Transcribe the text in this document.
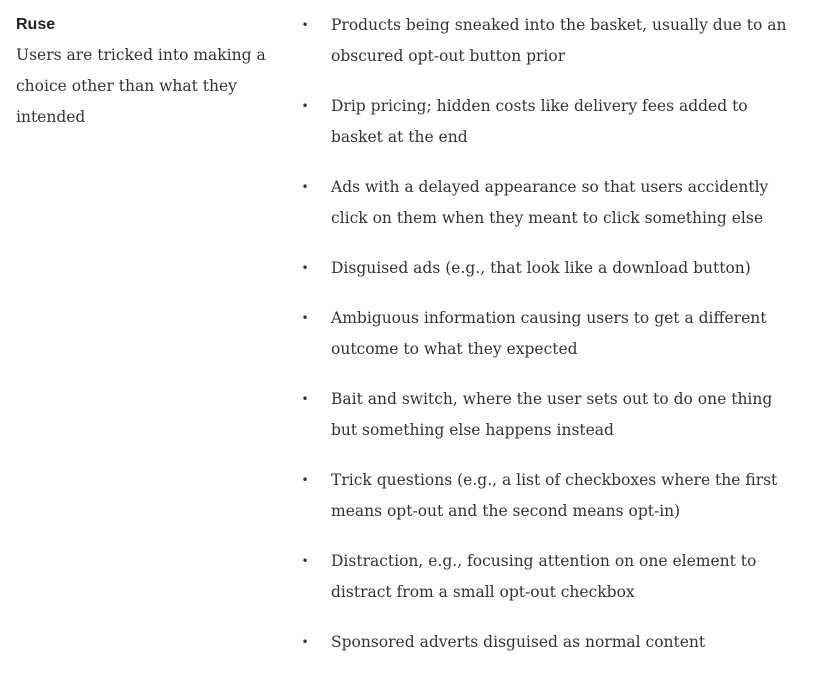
Ruse

Users are tricked into making a choice other than what they intended

• Products being sneaked into the basket, usually due to an obscured opt-out button prior
• Drip pricing; hidden costs like delivery fees added to basket at the end
• Ads with a delayed appearance so that users accidently click on them when they meant to click something else
• Disguised ads (e.g., that look like a download button)
• Ambiguous information causing users to get a different outcome to what they expected
• Bait and switch, where the user sets out to do one thing but something else happens instead
• Trick questions (e.g., a list of checkboxes where the first means opt-out and the second means opt-in)
• Distraction, e.g., focusing attention on one element to distract from a small opt-out checkbox
• Sponsored adverts disguised as normal content
